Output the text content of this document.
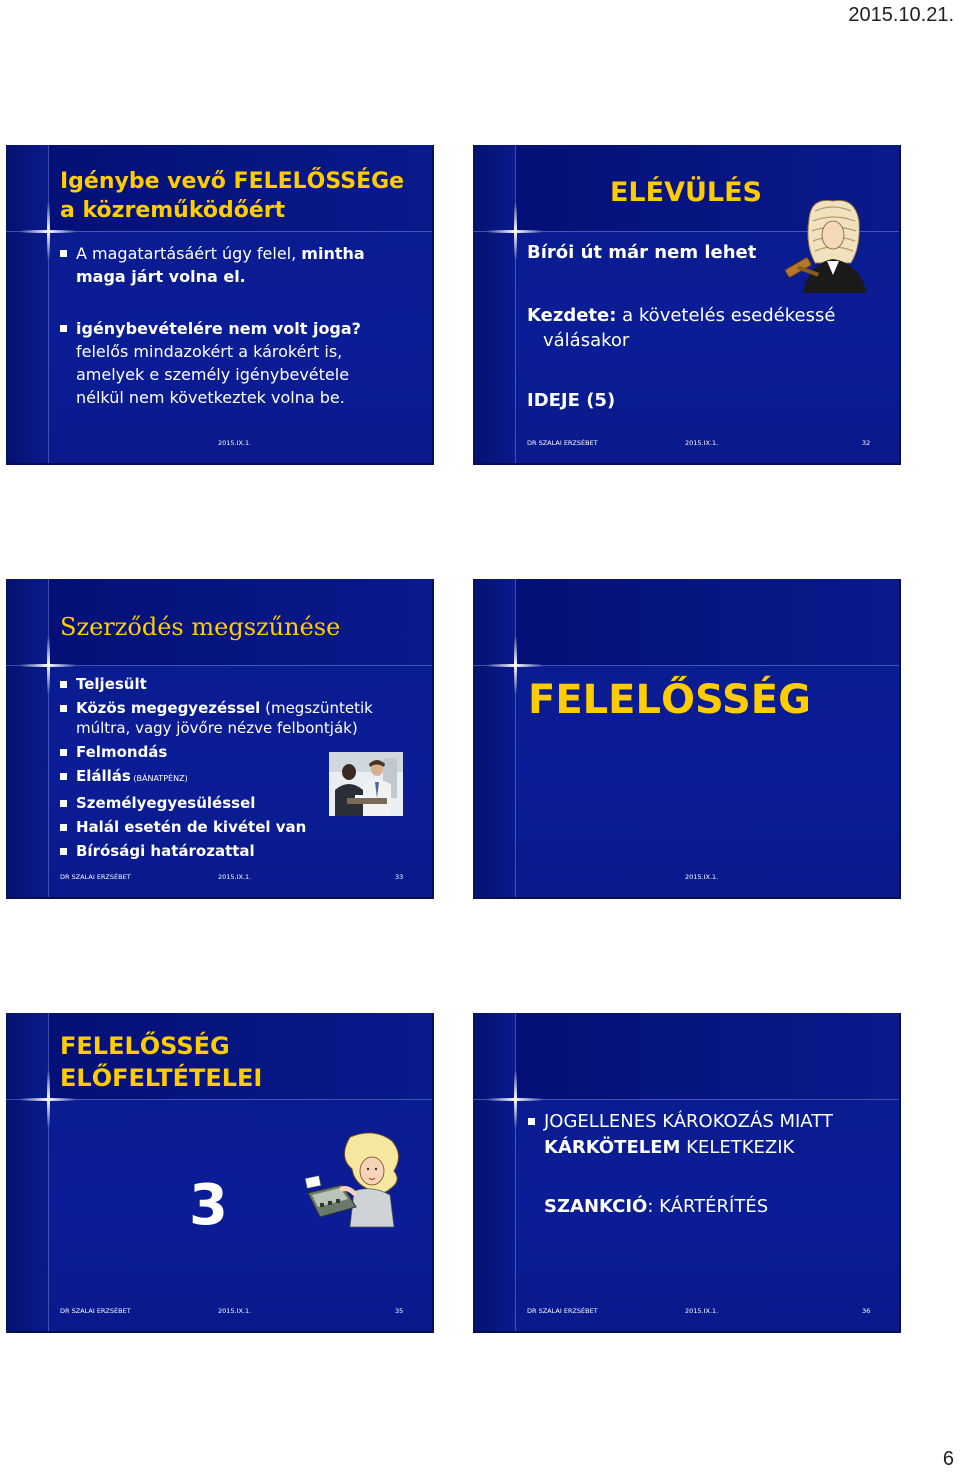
2015.10.21.
Igénybe vevő FELELŐSSÉGe
a közreműködőért
A magatartásáért úgy felel, mintha
maga járt volna el.
igénybevételére nem volt joga?
felelős mindazokért a károkért is,
amelyek e személy igénybevétele
nélkül nem következtek volna be.
2015.IX.1.
ELÉVÜLÉS
Bírói út már nem lehet
Kezdete: a követelés esedékessé
válásakor
IDEJE (5)
DR SZALAI ERZSÉBET	2015.IX.1.	32
Szerződés megszűnése
Teljesült
Közös megegyezéssel (megszüntetik
múltra, vagy jövőre nézve felbontják)
Felmondás
Elállás (BÁNATPÉNZ)
Személyegyesüléssel
Halál esetén de kivétel van
Bírósági határozattal
DR SZALAI ERZSÉBET	2015.IX.1.	33
FELELŐSSÉG
2015.IX.1.
FELELŐSSÉG
ELŐFELTÉTELEI
3
DR SZALAI ERZSÉBET	2015.IX.1.	35
JOGELLENES KÁROKOZÁS MIATT
KÁRKÖTELEM KELETKEZIK
SZANKCIÓ: KÁRTÉRÍTÉS
DR SZALAI ERZSÉBET	2015.IX.1.	36
6
